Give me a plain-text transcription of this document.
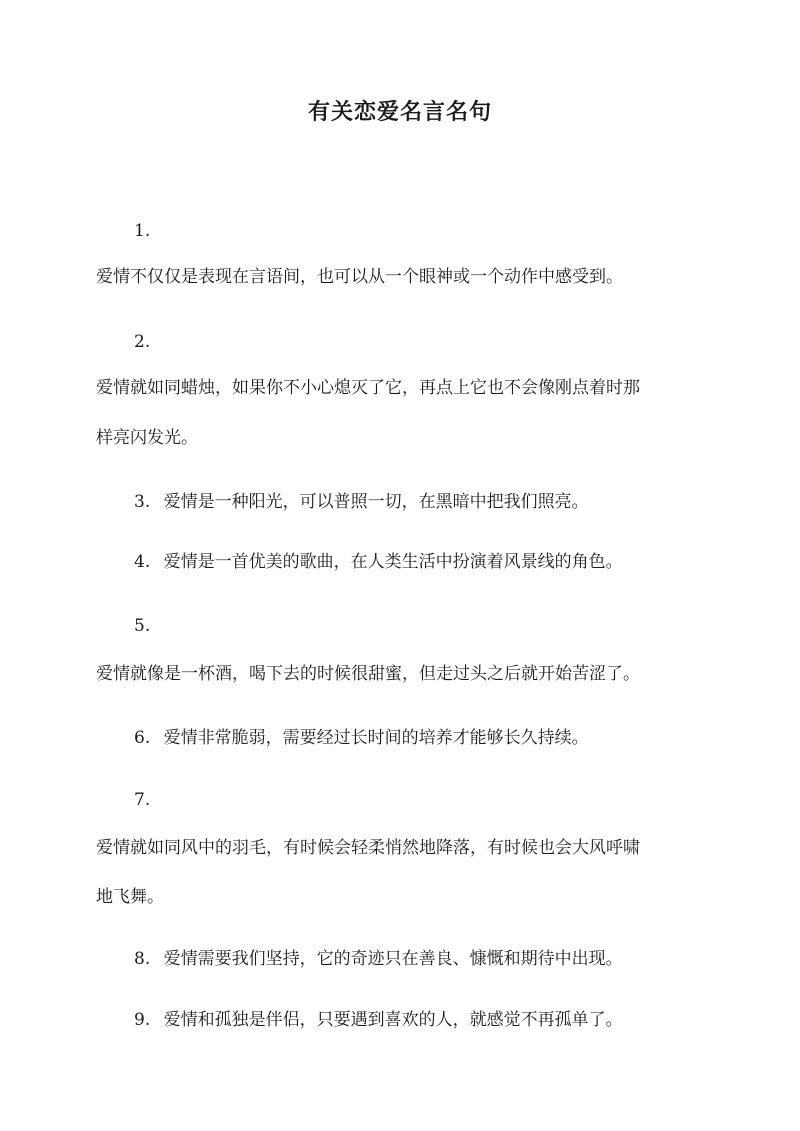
有关恋爱名言名句
1.
爱情不仅仅是表现在言语间，也可以从一个眼神或一个动作中感受到。
2.
爱情就如同蜡烛，如果你不小心熄灭了它，再点上它也不会像刚点着时那
样亮闪发光。
3. 爱情是一种阳光，可以普照一切，在黑暗中把我们照亮。
4. 爱情是一首优美的歌曲，在人类生活中扮演着风景线的角色。
5.
爱情就像是一杯酒，喝下去的时候很甜蜜，但走过头之后就开始苦涩了。
6. 爱情非常脆弱，需要经过长时间的培养才能够长久持续。
7.
爱情就如同风中的羽毛，有时候会轻柔悄然地降落，有时候也会大风呼啸
地飞舞。
8. 爱情需要我们坚持，它的奇迹只在善良、慷慨和期待中出现。
9. 爱情和孤独是伴侣，只要遇到喜欢的人，就感觉不再孤单了。
